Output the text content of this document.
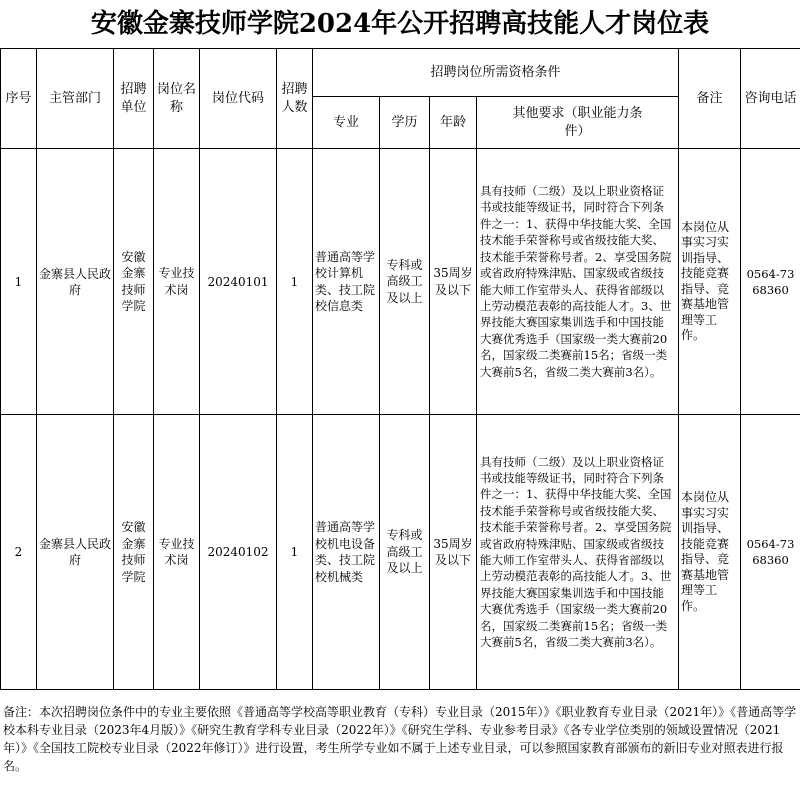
安徽金寨技师学院2024年公开招聘高技能人才岗位表
序号	主管部门	招聘单位	岗位名称	岗位代码	招聘人数	招聘岗位所需资格条件				备注	咨询电话
						专业	学历	年龄	其他要求（职业能力条件）		
1	金寨县人民政府	安徽金寨技师学院	专业技术岗	20240101	1	普通高等学校计算机类、技工院校信息类	专科或高级工及以上	35周岁及以下	具有技师（二级）及以上职业资格证书或技能等级证书，同时符合下列条件之一：1、获得中华技能大奖、全国技术能手荣誉称号或省级技能大奖、技术能手荣誉称号者。2、享受国务院或省政府特殊津贴、国家级或省级技能大师工作室带头人、获得省部级以上劳动模范表彰的高技能人才。3、世界技能大赛国家集训选手和中国技能大赛优秀选手（国家级一类大赛前20名，国家级二类赛前15名；省级一类大赛前5名，省级二类大赛前3名）。	本岗位从事实习实训指导、技能竞赛指导、竞赛基地管理等工作。	0564-7368360
2	金寨县人民政府	安徽金寨技师学院	专业技术岗	20240102	1	普通高等学校机电设备类、技工院校机械类	专科或高级工及以上	35周岁及以下	具有技师（二级）及以上职业资格证书或技能等级证书，同时符合下列条件之一：1、获得中华技能大奖、全国技术能手荣誉称号或省级技能大奖、技术能手荣誉称号者。2、享受国务院或省政府特殊津贴、国家级或省级技能大师工作室带头人、获得省部级以上劳动模范表彰的高技能人才。3、世界技能大赛国家集训选手和中国技能大赛优秀选手（国家级一类大赛前20名，国家级二类赛前15名；省级一类大赛前5名，省级二类大赛前3名）。	本岗位从事实习实训指导、技能竞赛指导、竞赛基地管理等工作。	0564-7368360
备注：本次招聘岗位条件中的专业主要依照《普通高等学校高等职业教育（专科）专业目录（2015年）》《职业教育专业目录（2021年）》《普通高等学校本科专业目录（2023年4月版）》《研究生教育学科专业目录（2022年）》《研究生学科、专业参考目录》《各专业学位类别的领域设置情况（2021年）》《全国技工院校专业目录（2022年修订）》进行设置，考生所学专业如不属于上述专业目录，可以参照国家教育部颁布的新旧专业对照表进行报名。
